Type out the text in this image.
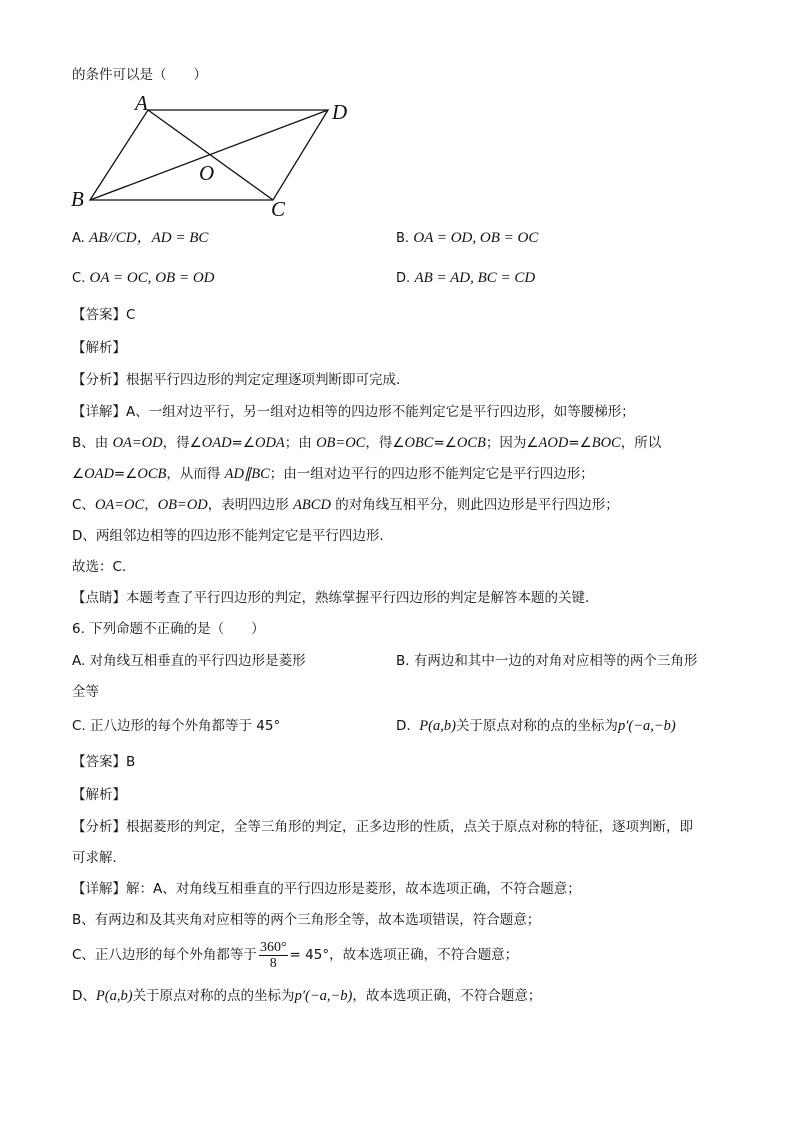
的条件可以是（　　）
A	D
O
B	C
A. AB//CD，AD = BC	B. OA = OD, OB = OC
C. OA = OC, OB = OD	D. AB = AD, BC = CD
【答案】C
【解析】
【分析】根据平行四边形的判定定理逐项判断即可完成．
【详解】A、一组对边平行，另一组对边相等的四边形不能判定它是平行四边形，如等腰梯形；
B、由 OA=OD，得∠OAD=∠ODA；由 OB=OC，得∠OBC=∠OCB；因为∠AOD=∠BOC，所以
∠OAD=∠OCB，从而得 AD∥BC；由一组对边平行的四边形不能判定它是平行四边形；
C、OA=OC，OB=OD，表明四边形 ABCD 的对角线互相平分，则此四边形是平行四边形；
D、两组邻边相等的四边形不能判定它是平行四边形．
故选：C．
【点睛】本题考查了平行四边形的判定，熟练掌握平行四边形的判定是解答本题的关键．
6. 下列命题不正确的是（　　）
A. 对角线互相垂直的平行四边形是菱形	B. 有两边和其中一边的对角对应相等的两个三角形
全等
C. 正八边形的每个外角都等于 45°	D. P(a,b)关于原点对称的点的坐标为p′(−a,−b)
【答案】B
【解析】
【分析】根据菱形的判定，全等三角形的判定，正多边形的性质，点关于原点对称的特征，逐项判断，即
可求解．
【详解】解：A、对角线互相垂直的平行四边形是菱形，故本选项正确，不符合题意；
B、有两边和及其夹角对应相等的两个三角形全等，故本选项错误，符合题意；
C、正八边形的每个外角都等于 $\frac{360^\circ}{8} = 45^\circ$，故本选项正确，不符合题意；
D、P(a,b)关于原点对称的点的坐标为p′(−a,−b)，故本选项正确，不符合题意；
